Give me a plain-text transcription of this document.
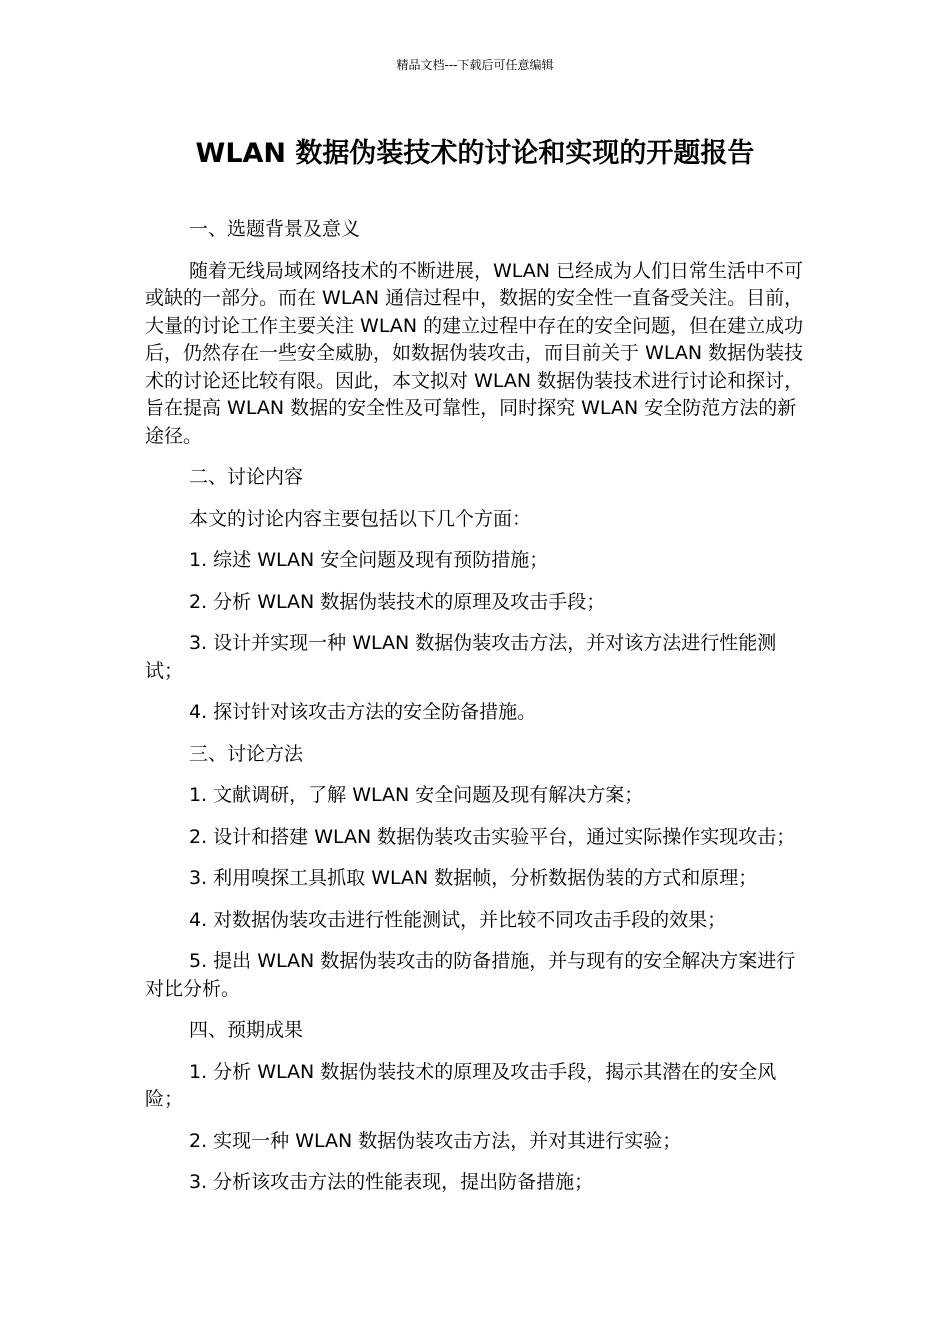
精品文档---下载后可任意编辑
WLAN 数据伪装技术的讨论和实现的开题报告

一、选题背景及意义

随着无线局域网络技术的不断进展，WLAN 已经成为人们日常生活中不可或缺的一部分。而在 WLAN 通信过程中，数据的安全性一直备受关注。目前，大量的讨论工作主要关注 WLAN 的建立过程中存在的安全问题，但在建立成功后，仍然存在一些安全威胁，如数据伪装攻击，而目前关于 WLAN 数据伪装技术的讨论还比较有限。因此，本文拟对 WLAN 数据伪装技术进行讨论和探讨，旨在提高 WLAN 数据的安全性及可靠性，同时探究 WLAN 安全防范方法的新途径。

二、讨论内容

本文的讨论内容主要包括以下几个方面：

1. 综述 WLAN 安全问题及现有预防措施；

2. 分析 WLAN 数据伪装技术的原理及攻击手段；

3. 设计并实现一种 WLAN 数据伪装攻击方法，并对该方法进行性能测试；

4. 探讨针对该攻击方法的安全防备措施。

三、讨论方法

1. 文献调研，了解 WLAN 安全问题及现有解决方案；

2. 设计和搭建 WLAN 数据伪装攻击实验平台，通过实际操作实现攻击；

3. 利用嗅探工具抓取 WLAN 数据帧，分析数据伪装的方式和原理；

4. 对数据伪装攻击进行性能测试，并比较不同攻击手段的效果；

5. 提出 WLAN 数据伪装攻击的防备措施，并与现有的安全解决方案进行对比分析。

四、预期成果

1. 分析 WLAN 数据伪装技术的原理及攻击手段，揭示其潜在的安全风险；

2. 实现一种 WLAN 数据伪装攻击方法，并对其进行实验；

3. 分析该攻击方法的性能表现，提出防备措施；
